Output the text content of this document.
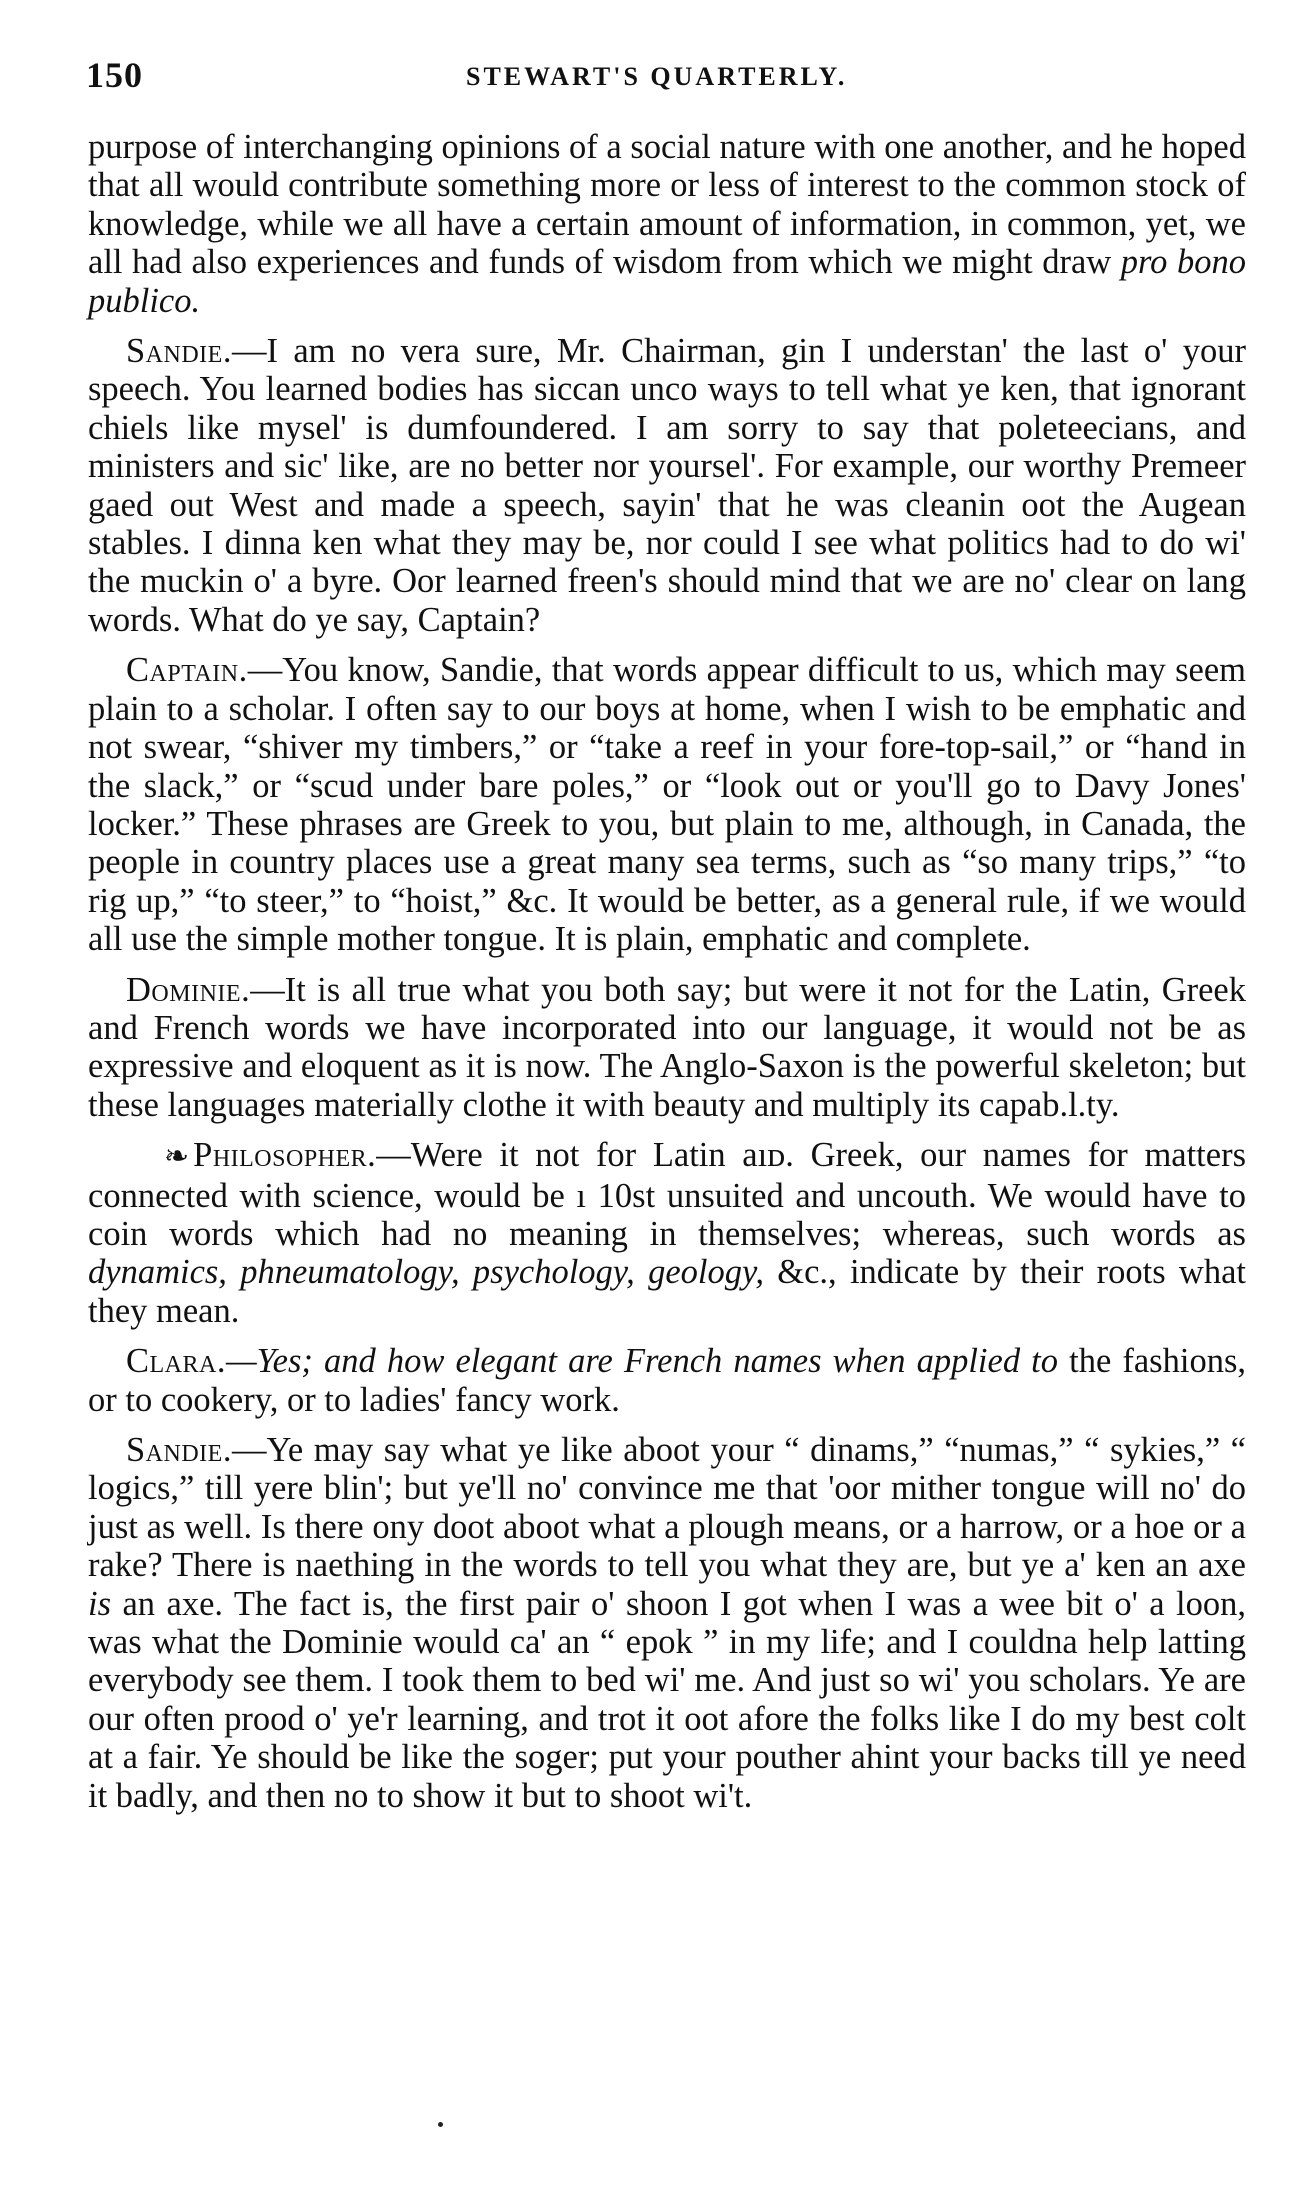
150	STEWART'S QUARTERLY.

purpose of interchanging opinions of a social nature with one another, and he hoped that all would contribute something more or less of interest to the common stock of knowledge, while we all have a certain amount of information, in common, yet, we all had also experiences and funds of wisdom from which we might draw pro bono publico.

Sandie.—I am no vera sure, Mr. Chairman, gin I understan' the last o' your speech. You learned bodies has siccan unco ways to tell what ye ken, that ignorant chiels like mysel' is dumfoundered. I am sorry to say that poleteecians, and ministers and sic' like, are no better nor yoursel'. For example, our worthy Premeer gaed out West and made a speech, sayin' that he was cleanin oot the Augean stables. I dinna ken what they may be, nor could I see what politics had to do wi' the muckin o' a byre. Oor learned freen's should mind that we are no' clear on lang words. What do ye say, Captain?

Captain.—You know, Sandie, that words appear difficult to us, which may seem plain to a scholar. I often say to our boys at home, when I wish to be emphatic and not swear, “shiver my timbers,” or “take a reef in your fore-top-sail,” or “hand in the slack,” or “scud under bare poles,” or “look out or you'll go to Davy Jones' locker.” These phrases are Greek to you, but plain to me, although, in Canada, the people in country places use a great many sea terms, such as “so many trips,” “to rig up,” “to steer,” to “hoist,” &c. It would be better, as a general rule, if we would all use the simple mother tongue. It is plain, emphatic and complete.

Dominie.—It is all true what you both say; but were it not for the Latin, Greek and French words we have incorporated into our language, it would not be as expressive and eloquent as it is now. The Anglo-Saxon is the powerful skeleton; but these languages materially clothe it with beauty and multiply its capab.l.ty.

❧ Philosopher.—Were it not for Latin aıᴅ. Greek, our names for matters connected with science, would be ı 10st unsuited and uncouth. We would have to coin words which had no meaning in themselves; whereas, such words as dynamics, phneumatology, psychology, geology, &c., indicate by their roots what they mean.

Clara.—Yes; and how elegant are French names when applied to the fashions, or to cookery, or to ladies' fancy work.

Sandie.—Ye may say what ye like aboot your “ dinams,” “numas,” “ sykies,” “ logics,” till yere blin'; but ye'll no' convince me that 'oor mither tongue will no' do just as well. Is there ony doot aboot what a plough means, or a harrow, or a hoe or a rake? There is naething in the words to tell you what they are, but ye a' ken an axe is an axe. The fact is, the first pair o' shoon I got when I was a wee bit o' a loon, was what the Dominie would ca' an “ epok ” in my life; and I couldna help latting everybody see them. I took them to bed wi' me. And just so wi' you scholars. Ye are our often prood o' ye'r learning, and trot it oot afore the folks like I do my best colt at a fair. Ye should be like the soger; put your pouther ahint your backs till ye need it badly, and then no to show it but to shoot wi't.
